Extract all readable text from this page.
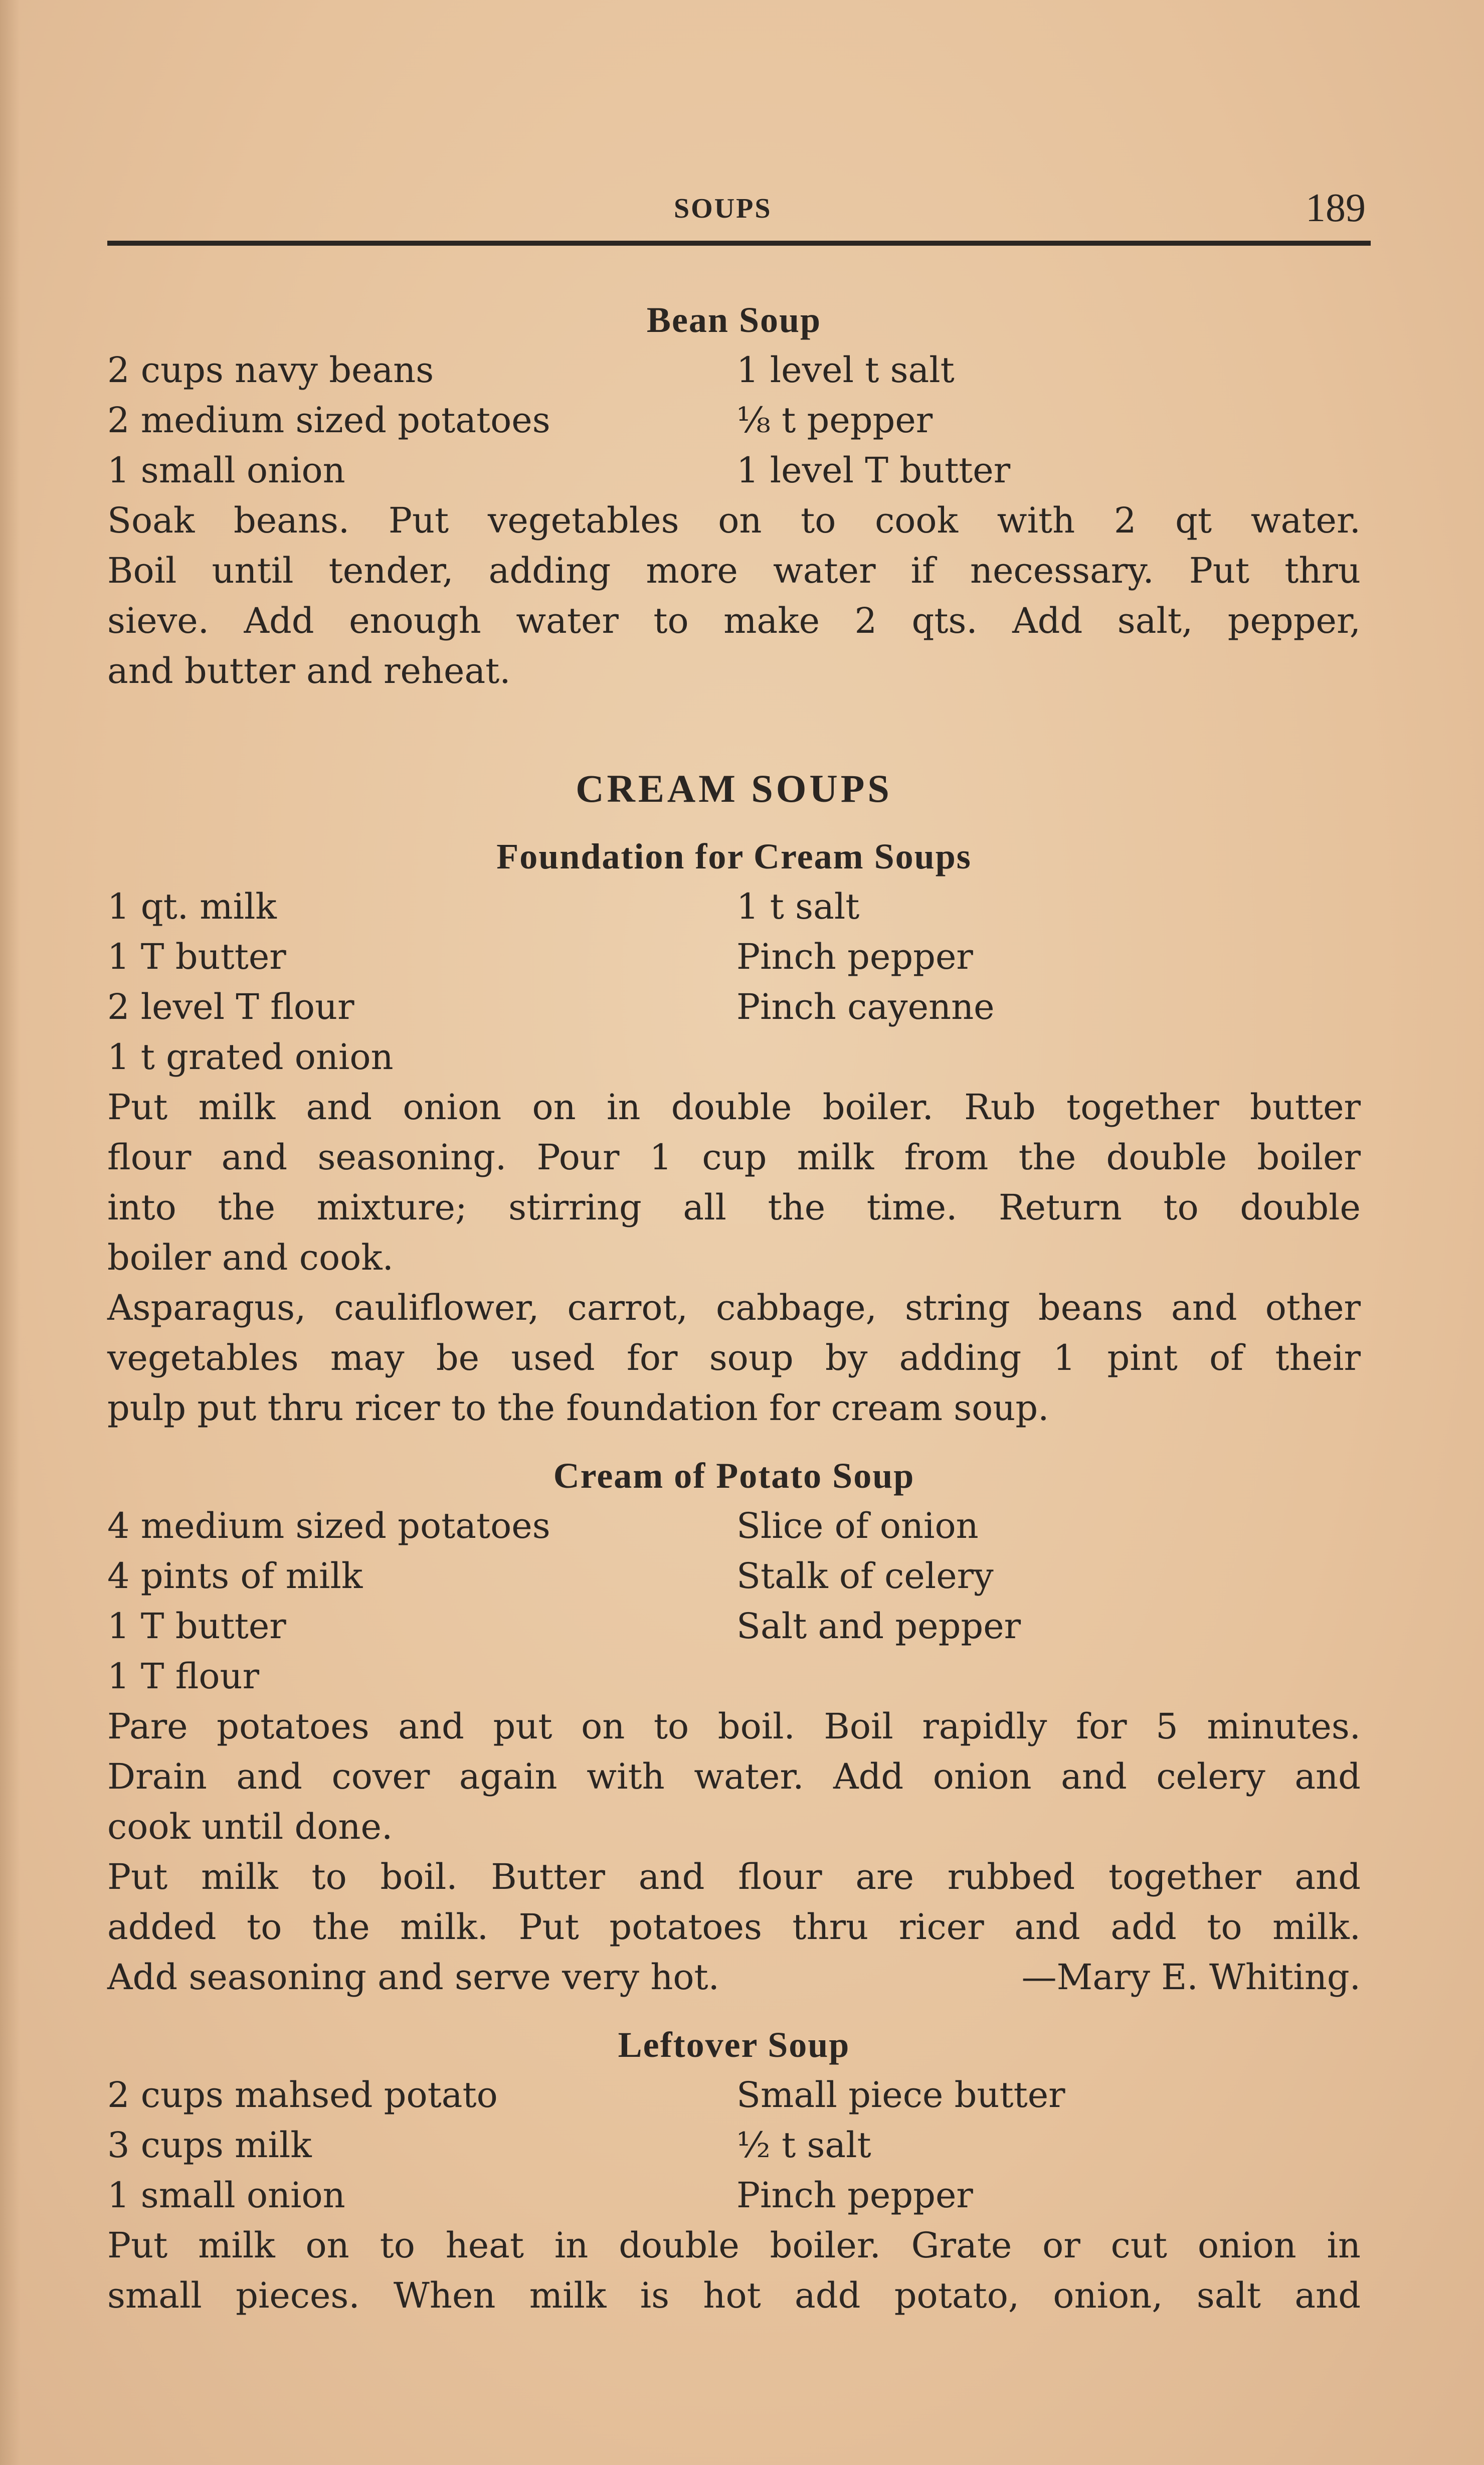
SOUPS	189
Bean Soup
2 cups navy beans	1 level t salt
2 medium sized potatoes	⅛ t pepper
1 small onion	1 level T butter
Soak beans. Put vegetables on to cook with 2 qt water.
Boil until tender, adding more water if necessary. Put thru
sieve. Add enough water to make 2 qts. Add salt, pepper,
and butter and reheat.
CREAM SOUPS
Foundation for Cream Soups
1 qt. milk	1 t salt
1 T butter	Pinch pepper
2 level T flour	Pinch cayenne
1 t grated onion
Put milk and onion on in double boiler. Rub together butter
flour and seasoning. Pour 1 cup milk from the double boiler
into the mixture; stirring all the time. Return to double
boiler and cook.
Asparagus, cauliflower, carrot, cabbage, string beans and other
vegetables may be used for soup by adding 1 pint of their
pulp put thru ricer to the foundation for cream soup.
Cream of Potato Soup
4 medium sized potatoes	Slice of onion
4 pints of milk	Stalk of celery
1 T butter	Salt and pepper
1 T flour
Pare potatoes and put on to boil. Boil rapidly for 5 minutes.
Drain and cover again with water. Add onion and celery and
cook until done.
Put milk to boil. Butter and flour are rubbed together and
added to the milk. Put potatoes thru ricer and add to milk.
Add seasoning and serve very hot.	—Mary E. Whiting.
Leftover Soup
2 cups mahsed potato	Small piece butter
3 cups milk	½ t salt
1 small onion	Pinch pepper
Put milk on to heat in double boiler. Grate or cut onion in
small pieces. When milk is hot add potato, onion, salt and
